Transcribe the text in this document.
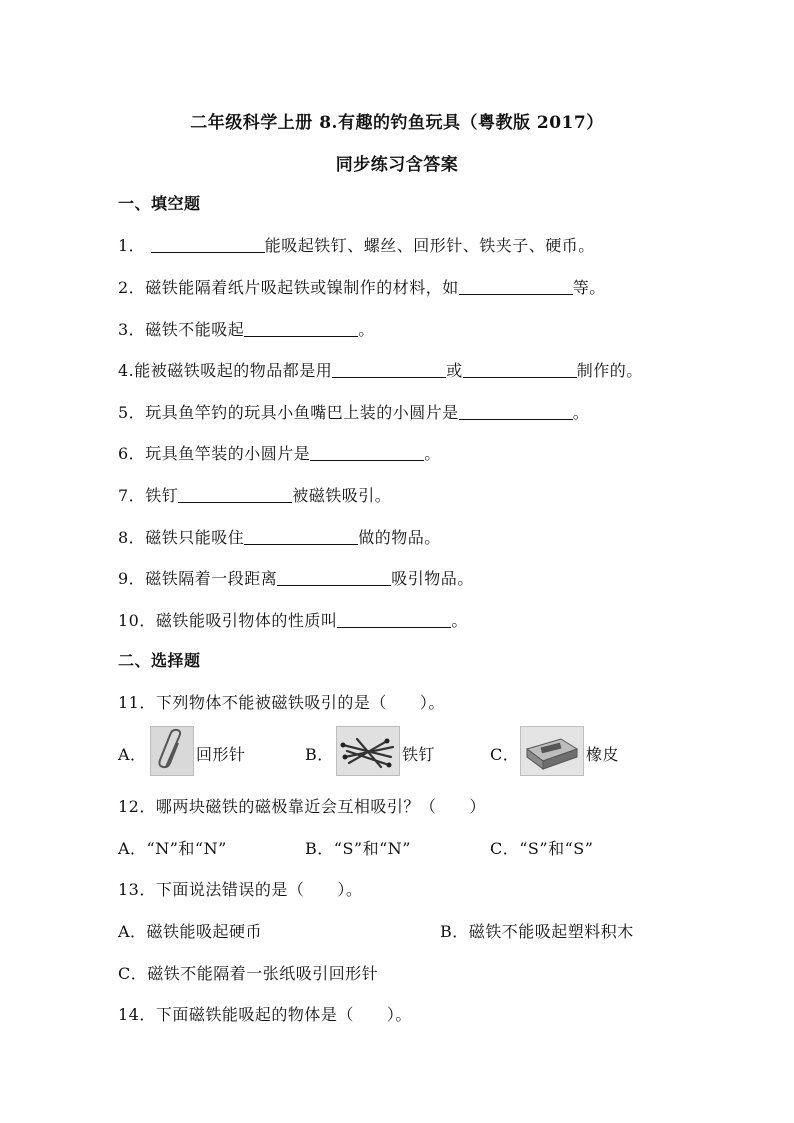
二年级科学上册 8.有趣的钓鱼玩具（粤教版 2017）
同步练习含答案
一、填空题
1．	能吸起铁钉、螺丝、回形针、铁夹子、硬币。
2．磁铁能隔着纸片吸起铁或镍制作的材料，如	等。
3．磁铁不能吸起	。
4.能被磁铁吸起的物品都是用	或	制作的。
5．玩具鱼竿钓的玩具小鱼嘴巴上装的小圆片是	。
6．玩具鱼竿装的小圆片是	。
7．铁钉	被磁铁吸引。
8．磁铁只能吸住	做的物品。
9．磁铁隔着一段距离	吸引物品。
10．磁铁能吸引物体的性质叫	。
二、选择题
11．下列物体不能被磁铁吸引的是（　　）。
A．	回形针	B．	铁钉	C．	橡皮
12．哪两块磁铁的磁极靠近会互相吸引？（　　）
A．“N”和“N”	B．“S”和“N”	C．“S”和“S”
13．下面说法错误的是（　　）。
A．磁铁能吸起硬币	B．磁铁不能吸起塑料积木
C．磁铁不能隔着一张纸吸引回形针
14．下面磁铁能吸起的物体是（　　）。
